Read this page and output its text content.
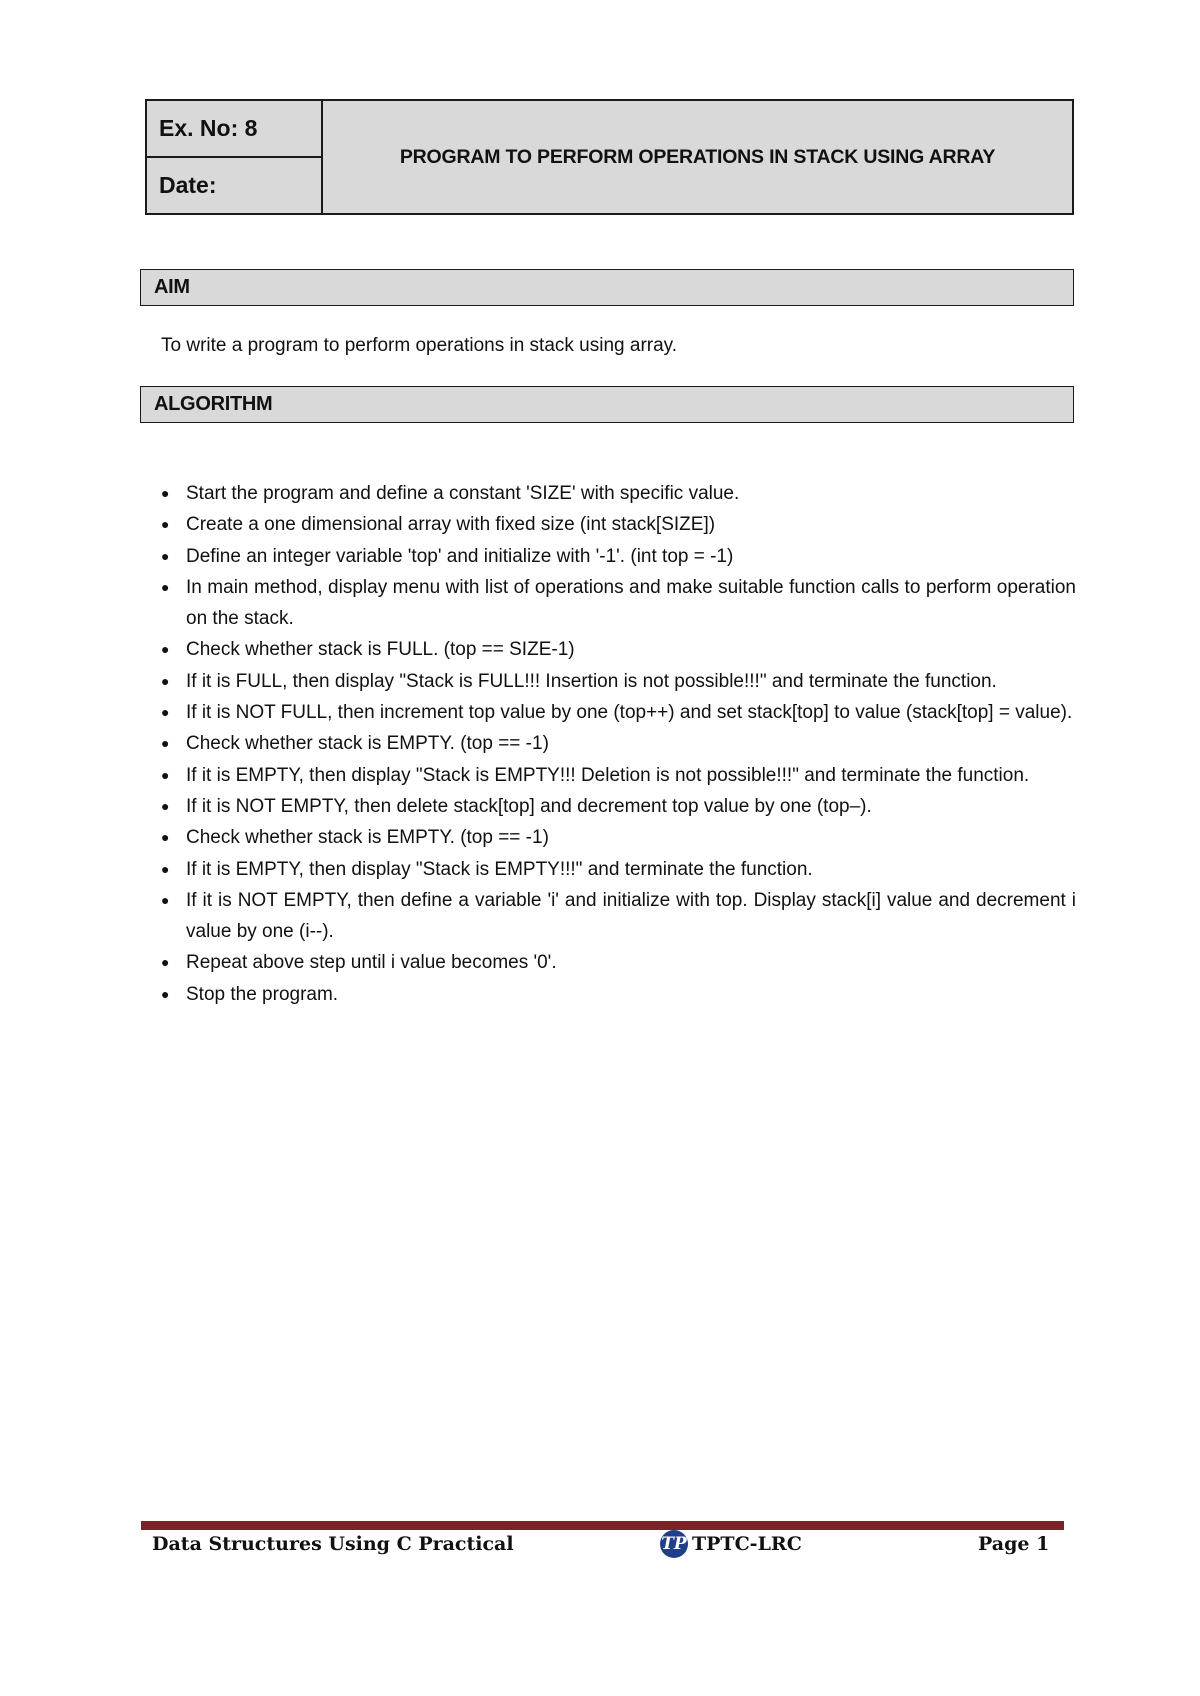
Ex. No: 8
Date:
PROGRAM TO PERFORM OPERATIONS IN STACK USING ARRAY
AIM
To write a program to perform operations in stack using array.
ALGORITHM
● Start the program and define a constant 'SIZE' with specific value.
● Create a one dimensional array with fixed size (int stack[SIZE])
● Define an integer variable 'top' and initialize with '-1'. (int top = -1)
● In main method, display menu with list of operations and make suitable function calls to perform operation on the stack.
● Check whether stack is FULL. (top == SIZE-1)
● If it is FULL, then display "Stack is FULL!!! Insertion is not possible!!!" and terminate the function.
● If it is NOT FULL, then increment top value by one (top++) and set stack[top] to value (stack[top] = value).
● Check whether stack is EMPTY. (top == -1)
● If it is EMPTY, then display "Stack is EMPTY!!! Deletion is not possible!!!" and terminate the function.
● If it is NOT EMPTY, then delete stack[top] and decrement top value by one (top–).
● Check whether stack is EMPTY. (top == -1)
● If it is EMPTY, then display "Stack is EMPTY!!!" and terminate the function.
● If it is NOT EMPTY, then define a variable 'i' and initialize with top. Display stack[i] value and decrement i value by one (i--).
● Repeat above step until i value becomes '0'.
● Stop the program.
Data Structures Using C Practical	TP TPTC-LRC	Page 1
